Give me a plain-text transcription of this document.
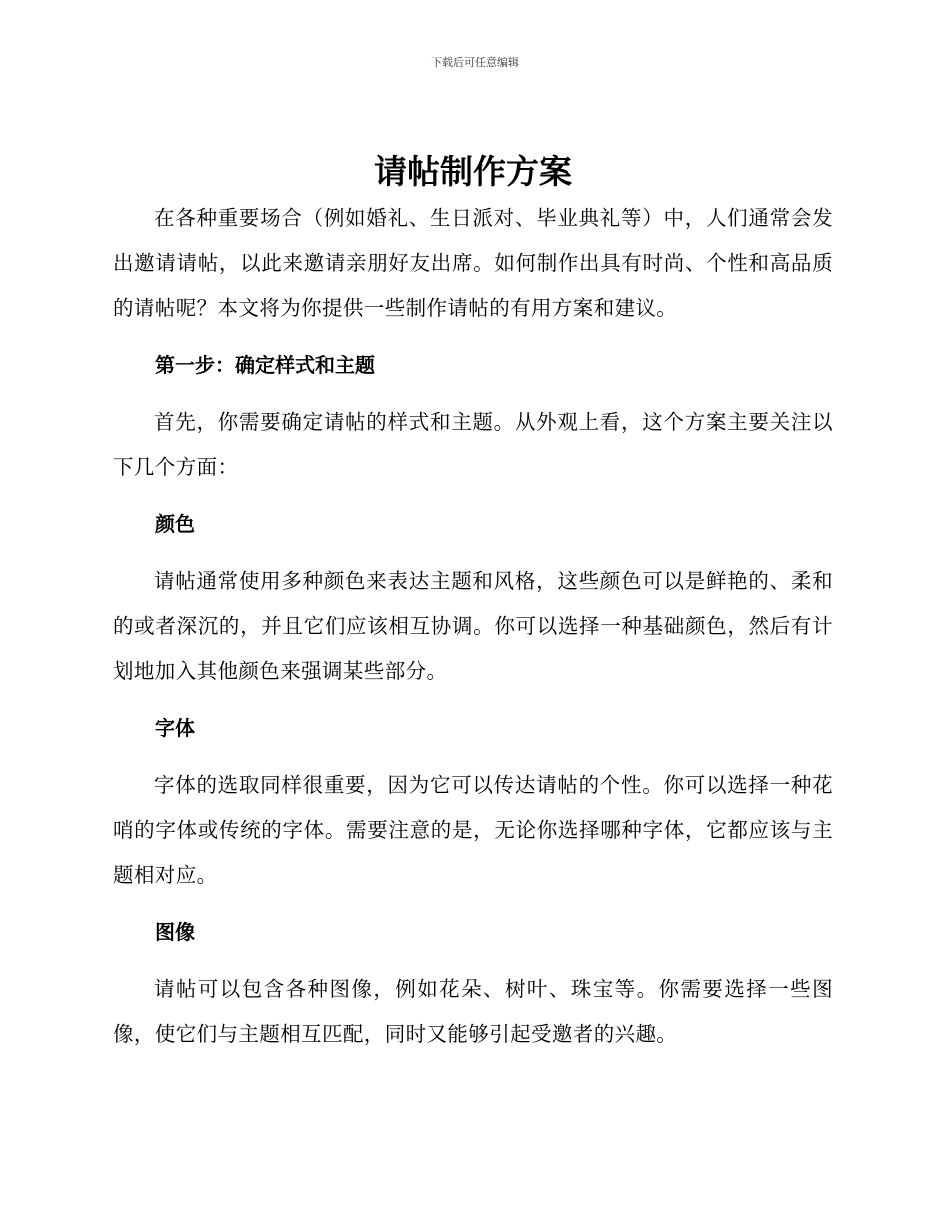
下载后可任意编辑
请帖制作方案

在各种重要场合（例如婚礼、生日派对、毕业典礼等）中，人们通常会发出邀请请帖，以此来邀请亲朋好友出席。如何制作出具有时尚、个性和高品质的请帖呢？本文将为你提供一些制作请帖的有用方案和建议。

第一步：确定样式和主题

首先，你需要确定请帖的样式和主题。从外观上看，这个方案主要关注以下几个方面：

颜色

请帖通常使用多种颜色来表达主题和风格，这些颜色可以是鲜艳的、柔和的或者深沉的，并且它们应该相互协调。你可以选择一种基础颜色，然后有计划地加入其他颜色来强调某些部分。

字体

字体的选取同样很重要，因为它可以传达请帖的个性。你可以选择一种花哨的字体或传统的字体。需要注意的是，无论你选择哪种字体，它都应该与主题相对应。

图像

请帖可以包含各种图像，例如花朵、树叶、珠宝等。你需要选择一些图像，使它们与主题相互匹配，同时又能够引起受邀者的兴趣。
